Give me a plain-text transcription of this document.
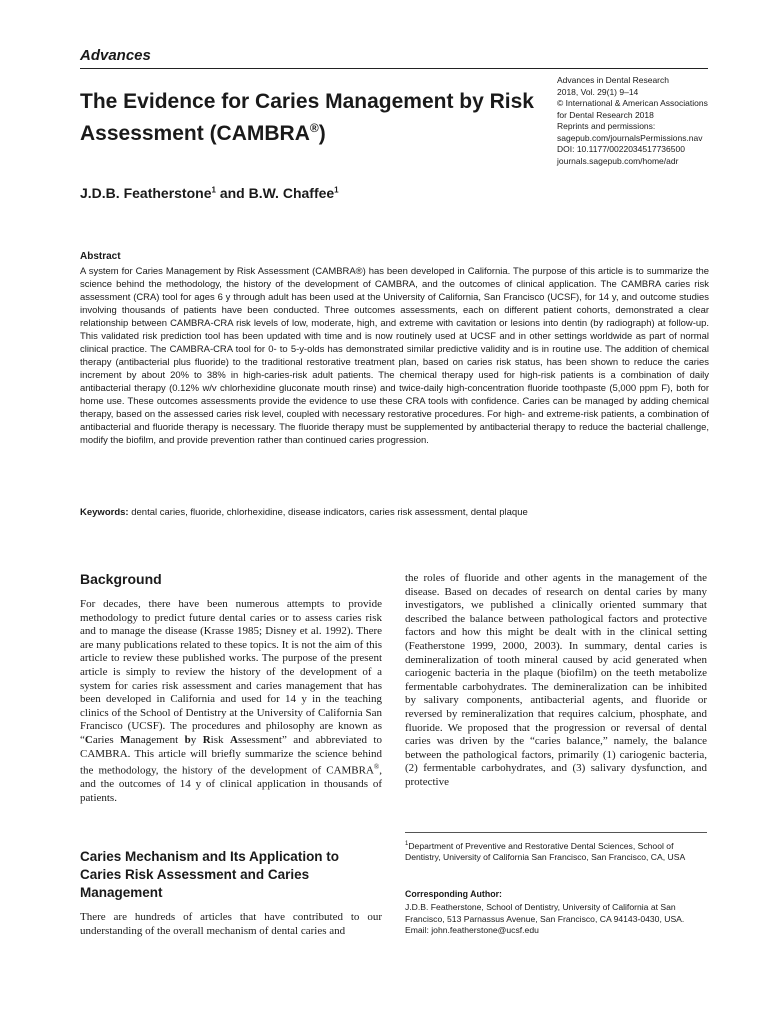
Advances
The Evidence for Caries Management by Risk Assessment (CAMBRA®)
Advances in Dental Research
2018, Vol. 29(1) 9–14
© International & American Associations
for Dental Research 2018
Reprints and permissions:
sagepub.com/journalsPermissions.nav
DOI: 10.1177/0022034517736500
journals.sagepub.com/home/adr
J.D.B. Featherstone$^1$ and B.W. Chaffee$^1$
Abstract
A system for Caries Management by Risk Assessment (CAMBRA®) has been developed in California. The purpose of this article is to summarize the science behind the methodology, the history of the development of CAMBRA, and the outcomes of clinical application. The CAMBRA caries risk assessment (CRA) tool for ages 6 y through adult has been used at the University of California, San Francisco (UCSF), for 14 y, and outcome studies involving thousands of patients have been conducted. Three outcomes assessments, each on different patient cohorts, demonstrated a clear relationship between CAMBRA-CRA risk levels of low, moderate, high, and extreme with cavitation or lesions into dentin (by radiograph) at follow-up. This validated risk prediction tool has been updated with time and is now routinely used at UCSF and in other settings worldwide as part of normal clinical practice. The CAMBRA-CRA tool for 0- to 5-y-olds has demonstrated similar predictive validity and is in routine use. The addition of chemical therapy (antibacterial plus fluoride) to the traditional restorative treatment plan, based on caries risk status, has been shown to reduce the caries increment by about 20% to 38% in high-caries-risk adult patients. The chemical therapy used for high-risk patients is a combination of daily antibacterial therapy (0.12% w/v chlorhexidine gluconate mouth rinse) and twice-daily high-concentration fluoride toothpaste (5,000 ppm F), both for home use. These outcomes assessments provide the evidence to use these CRA tools with confidence. Caries can be managed by adding chemical therapy, based on the assessed caries risk level, coupled with necessary restorative procedures. For high- and extreme-risk patients, a combination of antibacterial and fluoride therapy is necessary. The fluoride therapy must be supplemented by antibacterial therapy to reduce the bacterial challenge, modify the biofilm, and provide prevention rather than continued caries progression.
Keywords: dental caries, fluoride, chlorhexidine, disease indicators, caries risk assessment, dental plaque
Background
For decades, there have been numerous attempts to provide methodology to predict future dental caries or to assess caries risk and to manage the disease (Krasse 1985; Disney et al. 1992). There are many publications related to these topics. It is not the aim of this article to review these published works. The purpose of the present article is simply to review the history of the development of a system for caries risk assessment and caries management that has been developed in California and used for 14 y in the teaching clinics of the School of Dentistry at the University of California San Francisco (UCSF). The procedures and philosophy are known as “Caries Management by Risk Assessment” and abbreviated to CAMBRA. This article will briefly summarize the science behind the methodology, the history of the development of CAMBRA®, and the outcomes of 14 y of clinical application in thousands of patients.
Caries Mechanism and Its Application to Caries Risk Assessment and Caries Management
There are hundreds of articles that have contributed to our understanding of the overall mechanism of dental caries and
the roles of fluoride and other agents in the management of the disease. Based on decades of research on dental caries by many investigators, we published a clinically oriented summary that described the balance between pathological factors and protective factors and how this might be dealt with in the clinical setting (Featherstone 1999, 2000, 2003). In summary, dental caries is demineralization of tooth mineral caused by acid generated when cariogenic bacteria in the plaque (biofilm) on the teeth metabolize fermentable carbohydrates. The demineralization can be inhibited by salivary components, antibacterial agents, and fluoride or reversed by remineralization that requires calcium, phosphate, and fluoride. We proposed that the progression or reversal of dental caries was driven by the “caries balance,” namely, the balance between the pathological factors, primarily (1) cariogenic bacteria, (2) fermentable carbohydrates, and (3) salivary dysfunction, and protective
$^1$Department of Preventive and Restorative Dental Sciences, School of Dentistry, University of California San Francisco, San Francisco, CA, USA
Corresponding Author:
J.D.B. Featherstone, School of Dentistry, University of California at San Francisco, 513 Parnassus Avenue, San Francisco, CA 94143-0430, USA.
Email: john.featherstone@ucsf.edu
